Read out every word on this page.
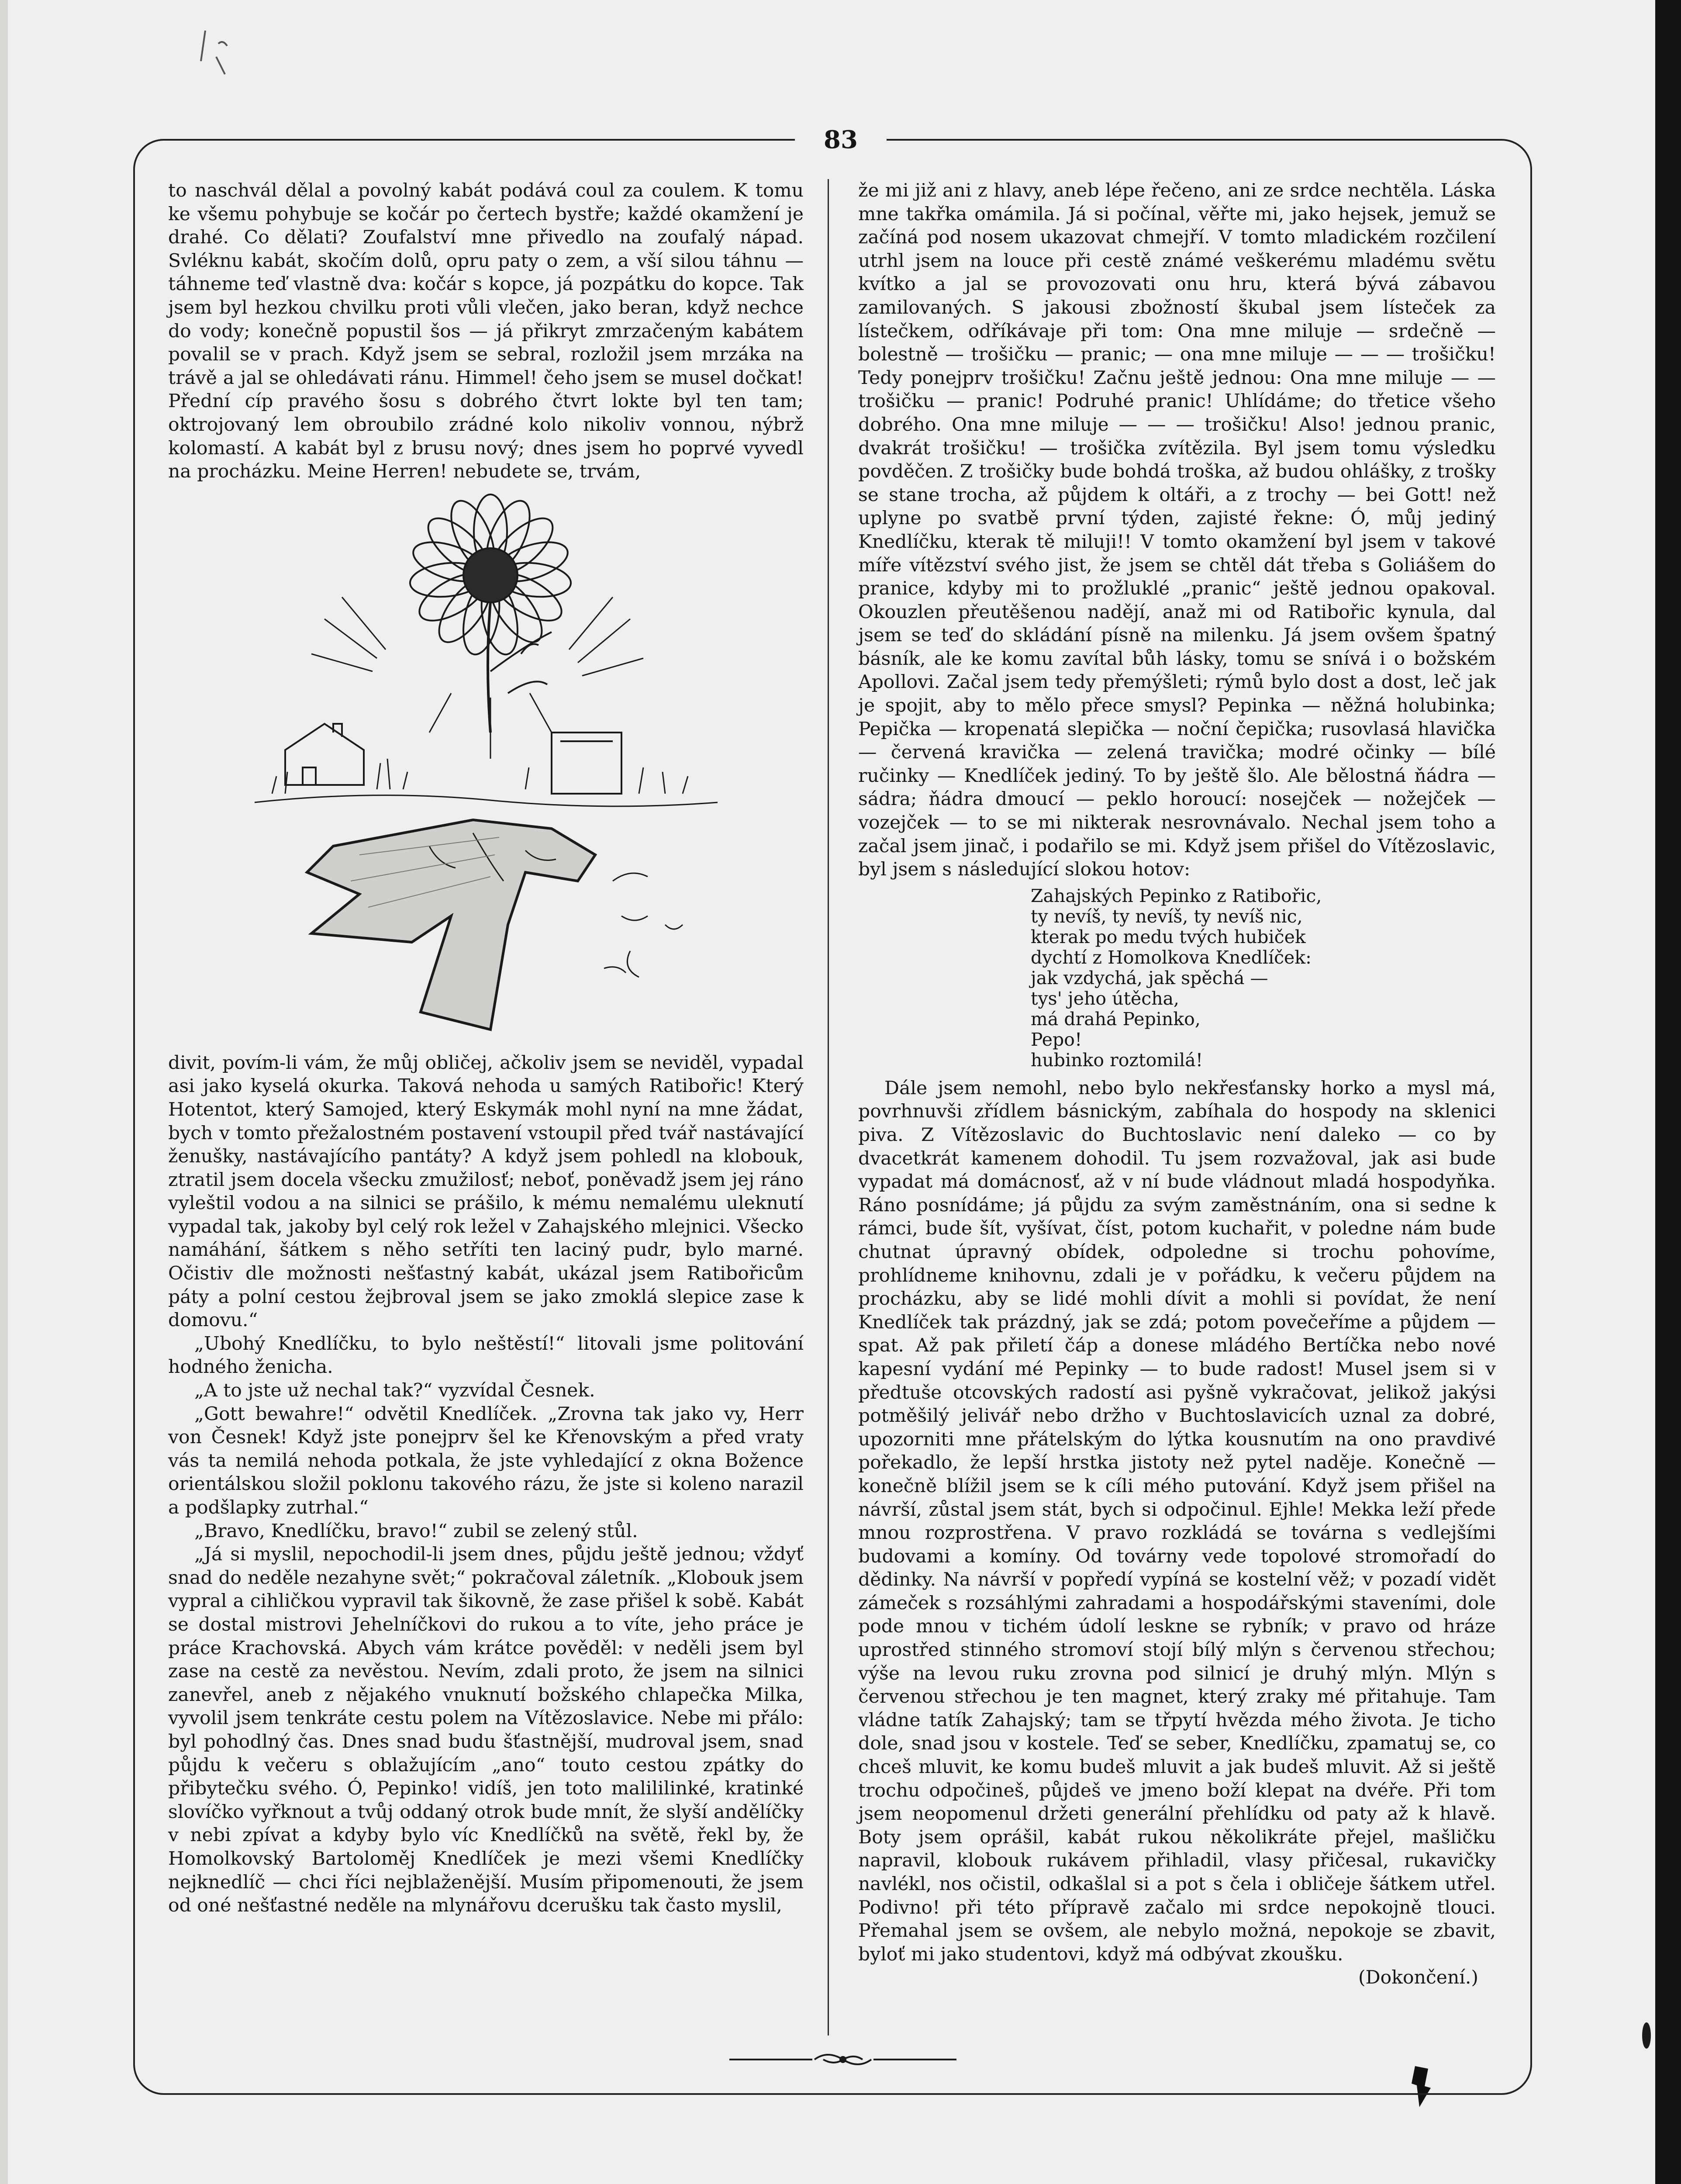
83

to naschvál dělal a povolný kabát podává coul za coulem. K tomu ke všemu pohybuje se kočár po čertech bystře; každé okamžení je drahé. Co dělati? Zoufalství mne přivedlo na zoufalý nápad. Svléknu kabát, skočím dolů, opru paty o zem, a vší silou táhnu — táhneme teď vlastně dva: kočár s kopce, já pozpátku do kopce. Tak jsem byl hezkou chvilku proti vůli vlečen, jako beran, když nechce do vody; konečně popustil šos — já přikryt zmrzačeným kabátem povalil se v prach. Když jsem se sebral, rozložil jsem mrzáka na trávě a jal se ohledávati ránu. Himmel! čeho jsem se musel dočkat! Přední cíp pravého šosu s dobrého čtvrt lokte byl ten tam; oktrojovaný lem obroubilo zrádné kolo nikoliv vonnou, nýbrž kolomastí. A kabát byl z brusu nový; dnes jsem ho poprvé vyvedl na procházku. Meine Herren! nebudete se, trvám,

divit, povím-li vám, že můj obličej, ačkoliv jsem se neviděl, vypadal asi jako kyselá okurka. Taková nehoda u samých Ratibořic! Který Hotentot, který Samojed, který Eskymák mohl nyní na mne žádat, bych v tomto přežalostném postavení vstoupil před tvář nastávající ženušky, nastávajícího pantáty? A když jsem pohledl na klobouk, ztratil jsem docela všecku zmužilosť; neboť, poněvadž jsem jej ráno vyleštil vodou a na silnici se prášilo, k mému nemalému uleknutí vypadal tak, jakoby byl celý rok ležel v Zahajského mlejnici. Všecko namáhání, šátkem s něho setříti ten laciný pudr, bylo marné. Očistiv dle možnosti nešťastný kabát, ukázal jsem Ratibořicům páty a polní cestou žejbroval jsem se jako zmoklá slepice zase k domovu.“

„Ubohý Knedlíčku, to bylo neštěstí!“ litovali jsme politování hodného ženicha.

„A to jste už nechal tak?“ vyzvídal Česnek.

„Gott bewahre!“ odvětil Knedlíček. „Zrovna tak jako vy, Herr von Česnek! Když jste ponejprv šel ke Křenovským a před vraty vás ta nemilá nehoda potkala, že jste vyhledající z okna Božence orientálskou složil poklonu takového rázu, že jste si koleno narazil a podšlapky zutrhal.“

„Bravo, Knedlíčku, bravo!“ zubil se zelený stůl.

„Já si myslil, nepochodil-li jsem dnes, půjdu ještě jednou; vždyť snad do neděle nezahyne svět;“ pokračoval záletník. „Klobouk jsem vypral a cihličkou vypravil tak šikovně, že zase přišel k sobě. Kabát se dostal mistrovi Jehelníčkovi do rukou a to víte, jeho práce je práce Krachovská. Abych vám krátce pověděl: v neděli jsem byl zase na cestě za nevěstou. Nevím, zdali proto, že jsem na silnici zanevřel, aneb z nějakého vnuknutí božského chlapečka Milka, vyvolil jsem tenkráte cestu polem na Vítězoslavice. Nebe mi přálo: byl pohodlný čas. Dnes snad budu šťastnější, mudroval jsem, snad půjdu k večeru s oblažujícím „ano“ touto cestou zpátky do přibytečku svého. Ó, Pepinko! vidíš, jen toto malililinké, kratinké slovíčko vyřknout a tvůj oddaný otrok bude mnít, že slyší andělíčky v nebi zpívat a kdyby bylo víc Knedlíčků na světě, řekl by, že Homolkovský Bartoloměj Knedlíček je mezi všemi Knedlíčky nejknedlíč — chci říci nejblaženější. Musím připomenouti, že jsem od oné nešťastné neděle na mlynářovu dcerušku tak často myslil,

že mi již ani z hlavy, aneb lépe řečeno, ani ze srdce nechtěla. Láska mne takřka omámila. Já si počínal, věřte mi, jako hejsek, jemuž se začíná pod nosem ukazovat chmejří. V tomto mladickém rozčilení utrhl jsem na louce při cestě známé veškerému mladému světu kvítko a jal se provozovati onu hru, která bývá zábavou zamilovaných. S jakousi zbožností škubal jsem lísteček za lístečkem, odříkávaje při tom: Ona mne miluje — srdečně — bolestně — trošičku — pranic; — ona mne miluje — — — trošičku! Tedy ponejprv trošičku! Začnu ještě jednou: Ona mne miluje — — trošičku — pranic! Podruhé pranic! Uhlídáme; do třetice všeho dobrého. Ona mne miluje — — — trošičku! Also! jednou pranic, dvakrát trošičku! — trošička zvítězila. Byl jsem tomu výsledku povděčen. Z trošičky bude bohdá troška, až budou ohlášky, z trošky se stane trocha, až půjdem k oltáři, a z trochy — bei Gott! než uplyne po svatbě první týden, zajisté řekne: Ó, můj jediný Knedlíčku, kterak tě miluji!! V tomto okamžení byl jsem v takové míře vítězství svého jist, že jsem se chtěl dát třeba s Goliášem do pranice, kdyby mi to prožluklé „pranic“ ještě jednou opakoval. Okouzlen přeutěšenou nadějí, anaž mi od Ratibořic kynula, dal jsem se teď do skládání písně na milenku. Já jsem ovšem špatný básník, ale ke komu zavítal bůh lásky, tomu se snívá i o božském Apollovi. Začal jsem tedy přemýšleti; rýmů bylo dost a dost, leč jak je spojit, aby to mělo přece smysl? Pepinka — něžná holubinka; Pepička — kropenatá slepička — noční čepička; rusovlasá hlavička — červená kravička — zelená travička; modré očinky — bílé ručinky — Knedlíček jediný. To by ještě šlo. Ale bělostná ňádra — sádra; ňádra dmoucí — peklo horoucí: nosejček — nožejček — vozejček — to se mi nikterak nesrovnávalo. Nechal jsem toho a začal jsem jinač, i podařilo se mi. Když jsem přišel do Vítězoslavic, byl jsem s následující slokou hotov:

Zahajských Pepinko z Ratibořic,
ty nevíš, ty nevíš, ty nevíš nic,
kterak po medu tvých hubiček
dychtí z Homolkova Knedlíček:
jak vzdychá, jak spěchá —
tys' jeho útěcha,
má drahá Pepinko,
Pepo!
hubinko roztomilá!

Dále jsem nemohl, nebo bylo nekřesťansky horko a mysl má, povrhnuvši zřídlem básnickým, zabíhala do hospody na sklenici piva. Z Vítězoslavic do Buchtoslavic není daleko — co by dvacetkrát kamenem dohodil. Tu jsem rozvažoval, jak asi bude vypadat má domácnosť, až v ní bude vládnout mladá hospodyňka. Ráno posnídáme; já půjdu za svým zaměstnáním, ona si sedne k rámci, bude šít, vyšívat, číst, potom kuchařit, v poledne nám bude chutnat úpravný obídek, odpoledne si trochu pohovíme, prohlídneme knihovnu, zdali je v pořádku, k večeru půjdem na procházku, aby se lidé mohli dívit a mohli si povídat, že není Knedlíček tak prázdný, jak se zdá; potom povečeříme a půjdem — spat. Až pak přiletí čáp a donese mládého Bertíčka nebo nové kapesní vydání mé Pepinky — to bude radost! Musel jsem si v předtuše otcovských radostí asi pyšně vykračovat, jelikož jakýsi potměšilý jelivář nebo držho v Buchtoslavicích uznal za dobré, upozorniti mne přátelským do lýtka kousnutím na ono pravdivé pořekadlo, že lepší hrstka jistoty než pytel naděje. Konečně — konečně blížil jsem se k cíli mého putování. Když jsem přišel na návrší, zůstal jsem stát, bych si odpočinul. Ejhle! Mekka leží přede mnou rozprostřena. V pravo rozkládá se továrna s vedlejšími budovami a komíny. Od továrny vede topolové stromořadí do dědinky. Na návrší v popředí vypíná se kostelní věž; v pozadí vidět zámeček s rozsáhlými zahradami a hospodářskými staveními, dole pode mnou v tichém údolí leskne se rybník; v pravo od hráze uprostřed stinného stromoví stojí bílý mlýn s červenou střechou; výše na levou ruku zrovna pod silnicí je druhý mlýn. Mlýn s červenou střechou je ten magnet, který zraky mé přitahuje. Tam vládne tatík Zahajský; tam se třpytí hvězda mého života. Je ticho dole, snad jsou v kostele. Teď se seber, Knedlíčku, zpamatuj se, co chceš mluvit, ke komu budeš mluvit a jak budeš mluvit. Až si ještě trochu odpočineš, půjdeš ve jmeno boží klepat na dvéře. Při tom jsem neopomenul držeti generální přehlídku od paty až k hlavě. Boty jsem oprášil, kabát rukou několikráte přejel, mašličku napravil, klobouk rukávem přihladil, vlasy přičesal, rukavičky navlékl, nos očistil, odkašlal si a pot s čela i obličeje šátkem utřel. Podivno! při této přípravě začalo mi srdce nepokojně tlouci. Přemahal jsem se ovšem, ale nebylo možná, nepokoje se zbavit, byloť mi jako studentovi, když má odbývat zkoušku.

(Dokončení.)
